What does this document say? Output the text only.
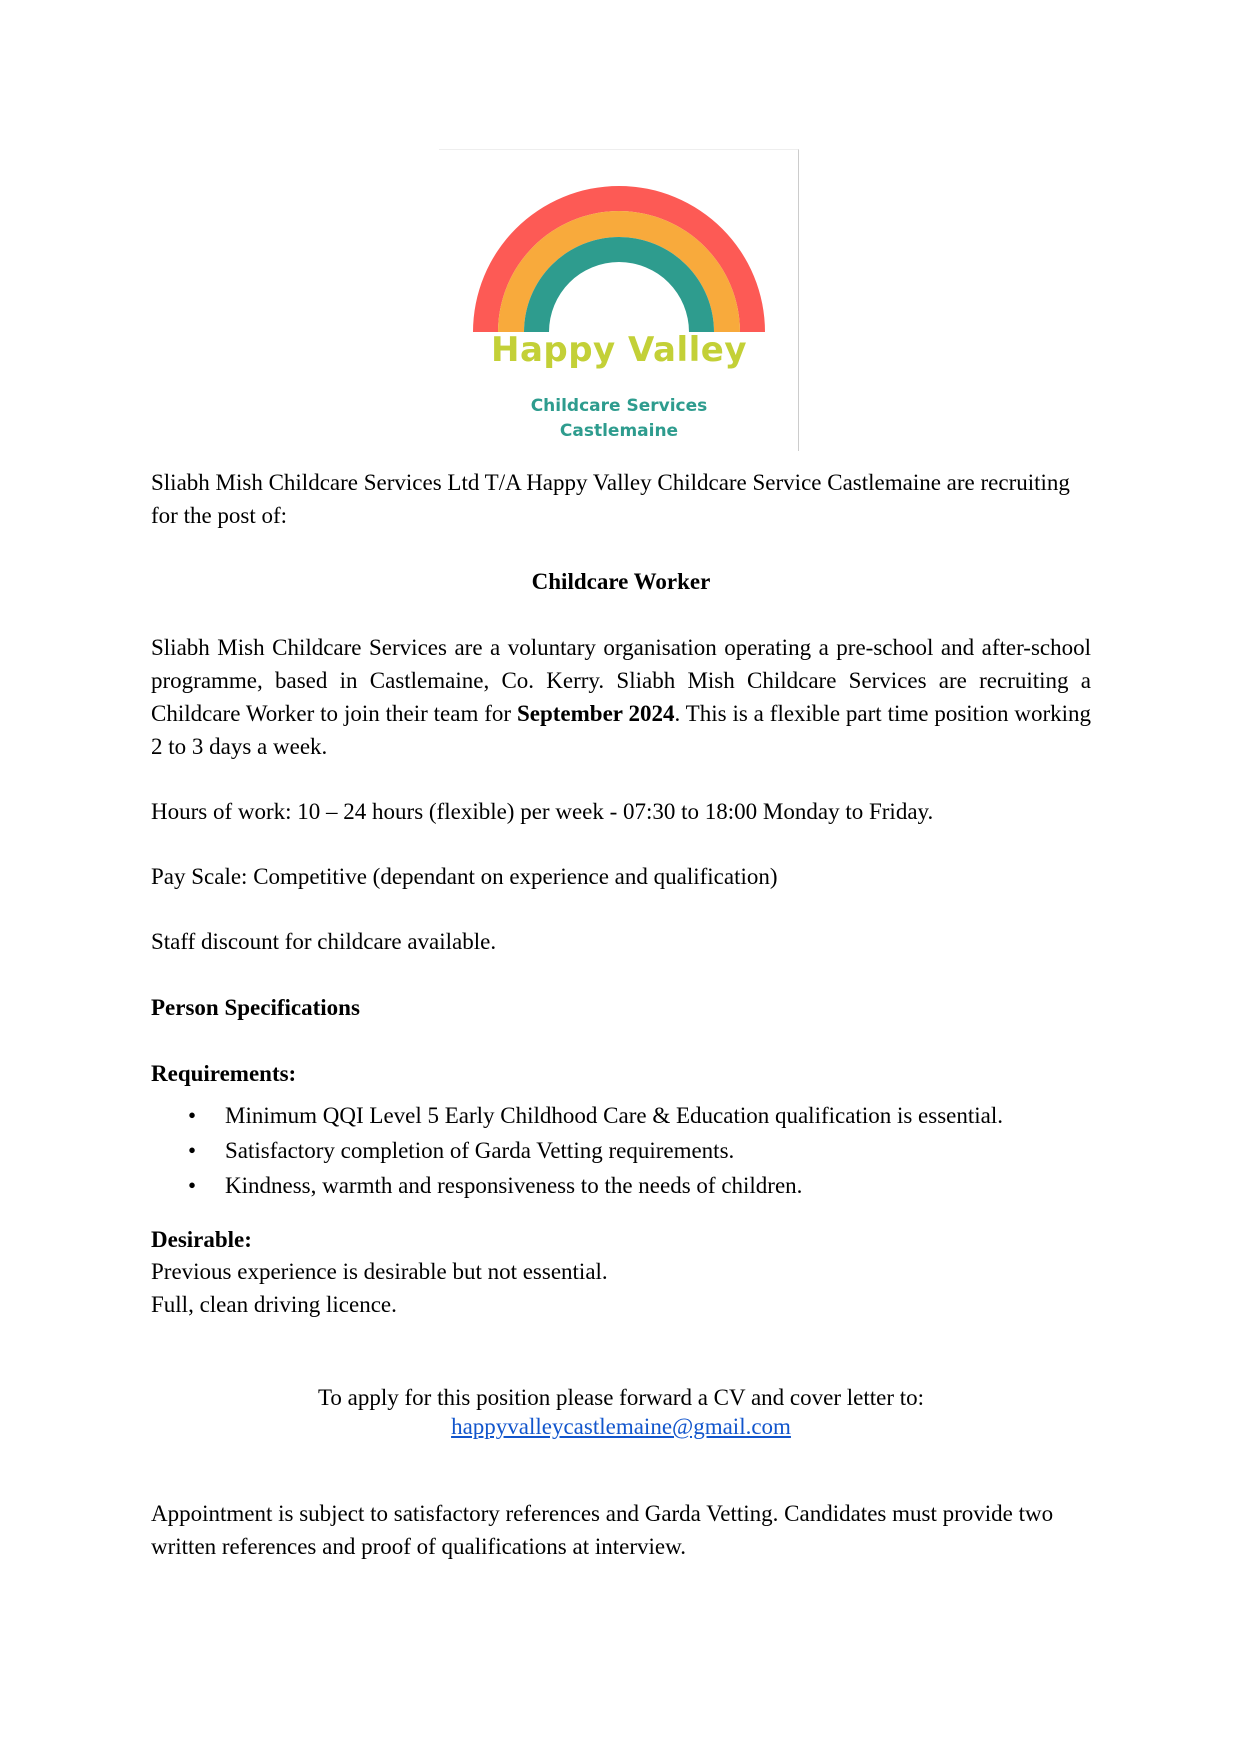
Happy Valley
Childcare Services
Castlemaine

Sliabh Mish Childcare Services Ltd T/A Happy Valley Childcare Service Castlemaine are recruiting for the post of:

Childcare Worker

Sliabh Mish Childcare Services are a voluntary organisation operating a pre-school and after-school programme, based in Castlemaine, Co. Kerry. Sliabh Mish Childcare Services are recruiting a Childcare Worker to join their team for September 2024. This is a flexible part time position working 2 to 3 days a week.

Hours of work: 10 – 24 hours (flexible) per week - 07:30 to 18:00 Monday to Friday.

Pay Scale: Competitive (dependant on experience and qualification)

Staff discount for childcare available.

Person Specifications

Requirements:

• Minimum QQI Level 5 Early Childhood Care & Education qualification is essential.
• Satisfactory completion of Garda Vetting requirements.
• Kindness, warmth and responsiveness to the needs of children.

Desirable:

Previous experience is desirable but not essential.

Full, clean driving licence.

To apply for this position please forward a CV and cover letter to:

happyvalleycastlemaine@gmail.com

Appointment is subject to satisfactory references and Garda Vetting. Candidates must provide two written references and proof of qualifications at interview.
